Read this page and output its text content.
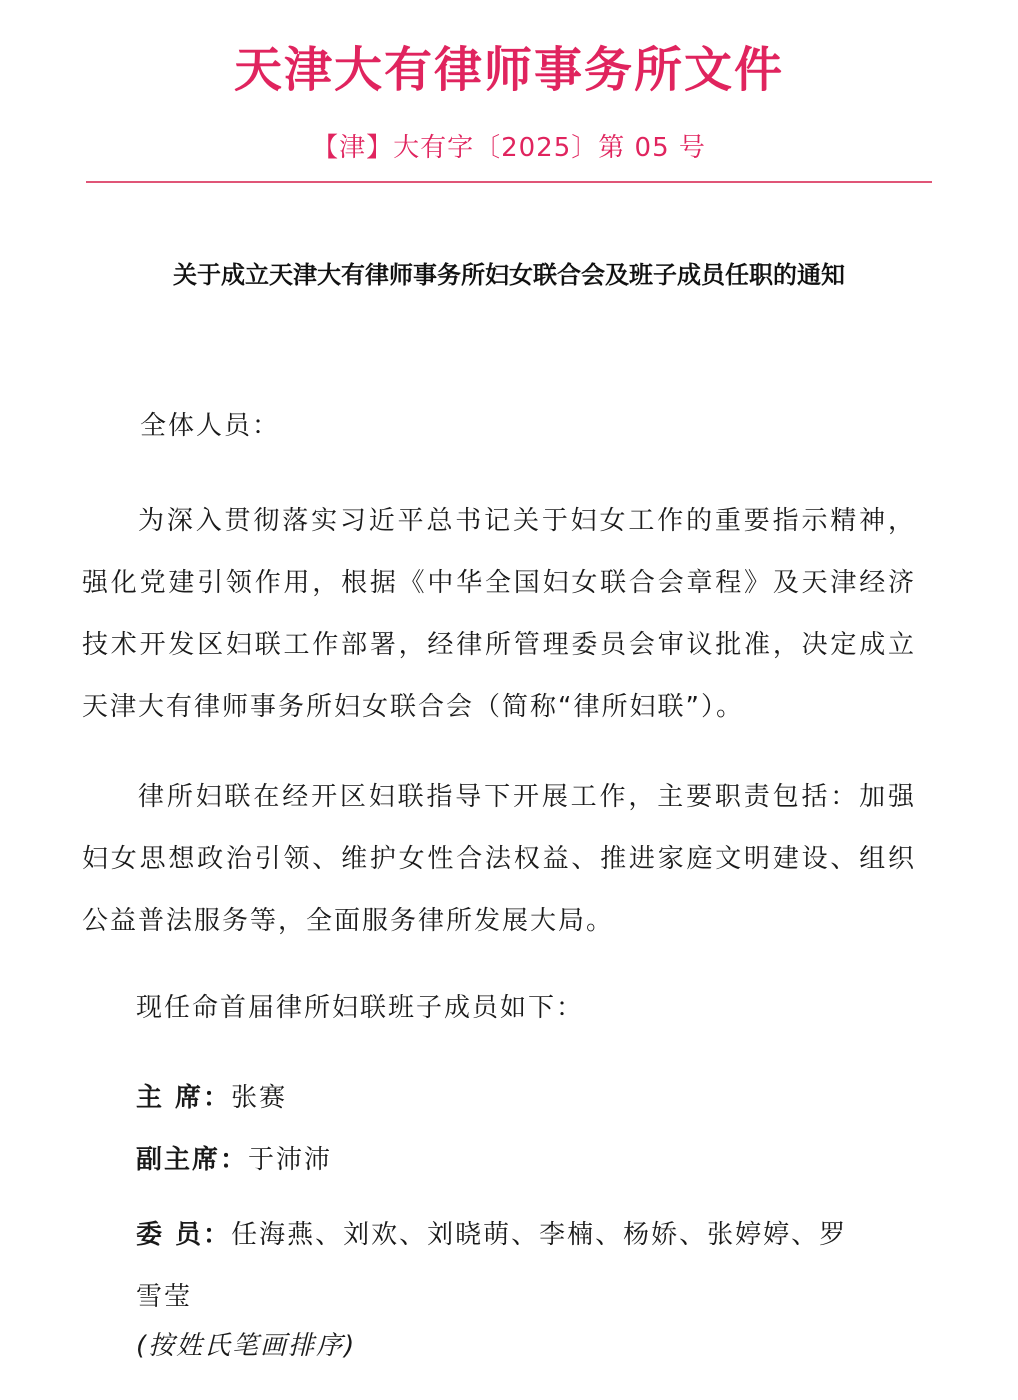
天津大有律师事务所文件
【津】大有字〔2025〕第 05 号
关于成立天津大有律师事务所妇女联合会及班子成员任职的通知
全体人员：

为深入贯彻落实习近平总书记关于妇女工作的重要指示精神，强化党建引领作用，根据《中华全国妇女联合会章程》及天津经济技术开发区妇联工作部署，经律所管理委员会审议批准，决定成立天津大有律师事务所妇女联合会（简称“律所妇联”）。

律所妇联在经开区妇联指导下开展工作，主要职责包括：加强妇女思想政治引领、维护女性合法权益、推进家庭文明建设、组织公益普法服务等，全面服务律所发展大局。

现任命首届律所妇联班子成员如下：
主 席：张赛
副主席：于沛沛
委 员：任海燕、刘欢、刘晓萌、李楠、杨娇、张婷婷、罗雪莹
(按姓氏笔画排序)
